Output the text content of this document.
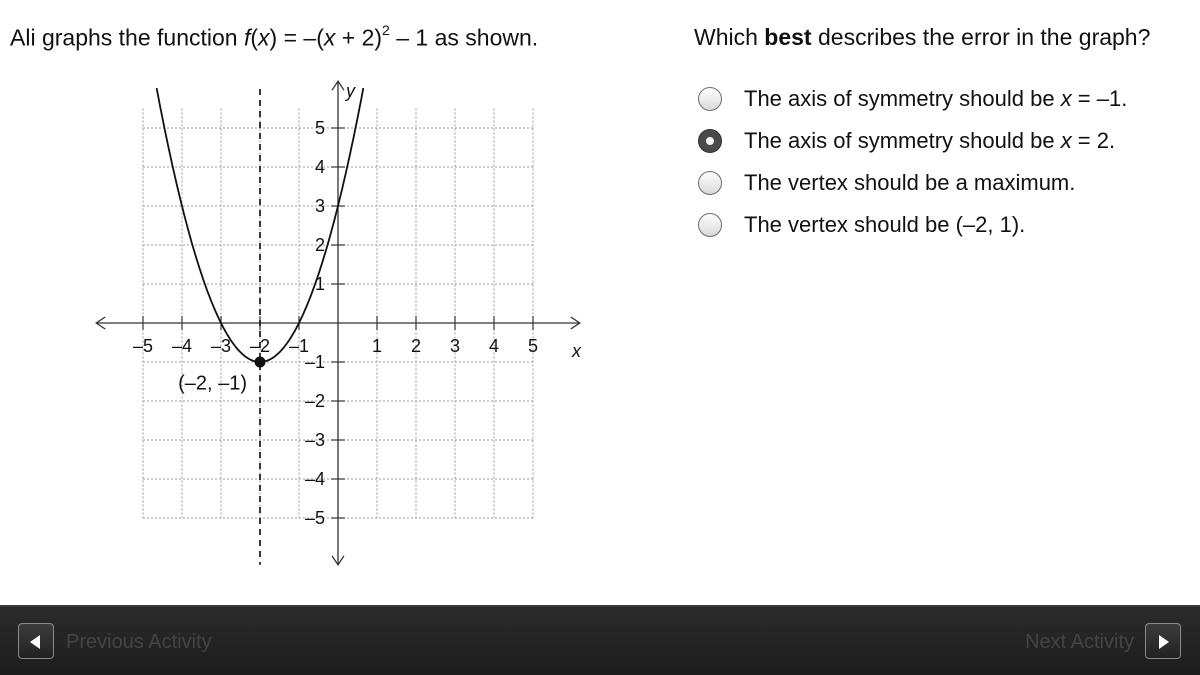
Ali graphs the function $f(x) = -(x + 2)^2 - 1$ as shown.	Which best describes the error in the graph?
–5 –4 –3 –2 –1	1 2 3 4 5
1
2
3
4
5
–1
–2
–3
–4
–5
(–2, –1)
x
y	The axis of symmetry should be x = –1.
The axis of symmetry should be x = 2.
The vertex should be a maximum.
The vertex should be (–2, 1).
Previous Activity	Next Activity
